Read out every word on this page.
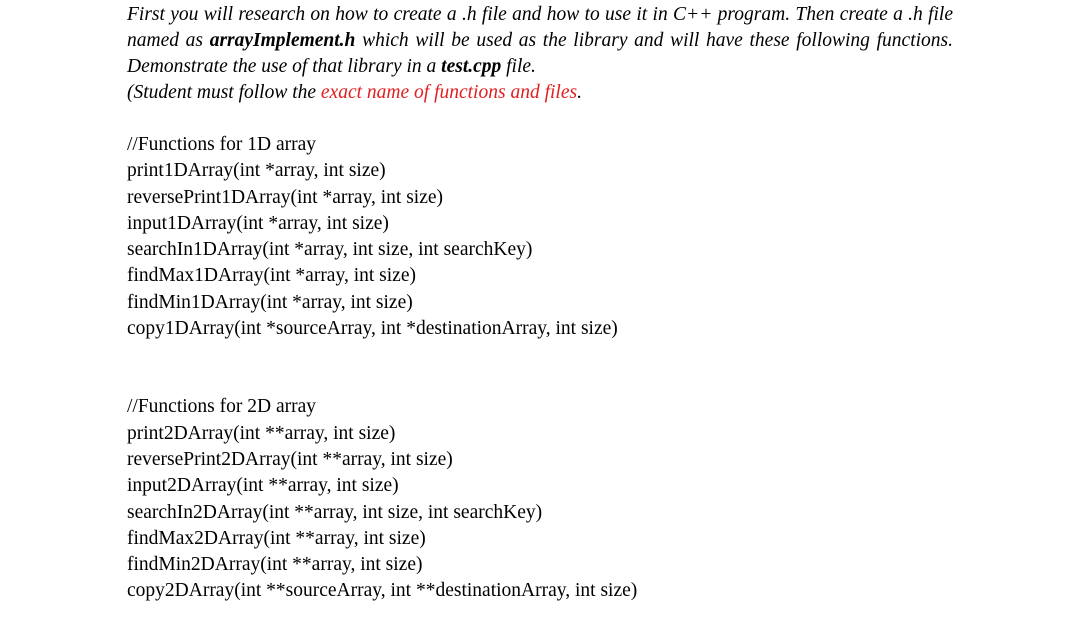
First you will research on how to create a .h file and how to use it in C++ program. Then create a .h file named as arrayImplement.h which will be used as the library and will have these following functions. Demonstrate the use of that library in a test.cpp file.

(Student must follow the exact name of functions and files.

//Functions for 1D array
print1DArray(int *array, int size)
reversePrint1DArray(int *array, int size)
input1DArray(int *array, int size)
searchIn1DArray(int *array, int size, int searchKey)
findMax1DArray(int *array, int size)
findMin1DArray(int *array, int size)
copy1DArray(int *sourceArray, int *destinationArray, int size)
//Functions for 2D array
print2DArray(int **array, int size)
reversePrint2DArray(int **array, int size)
input2DArray(int **array, int size)
searchIn2DArray(int **array, int size, int searchKey)
findMax2DArray(int **array, int size)
findMin2DArray(int **array, int size)
copy2DArray(int **sourceArray, int **destinationArray, int size)
